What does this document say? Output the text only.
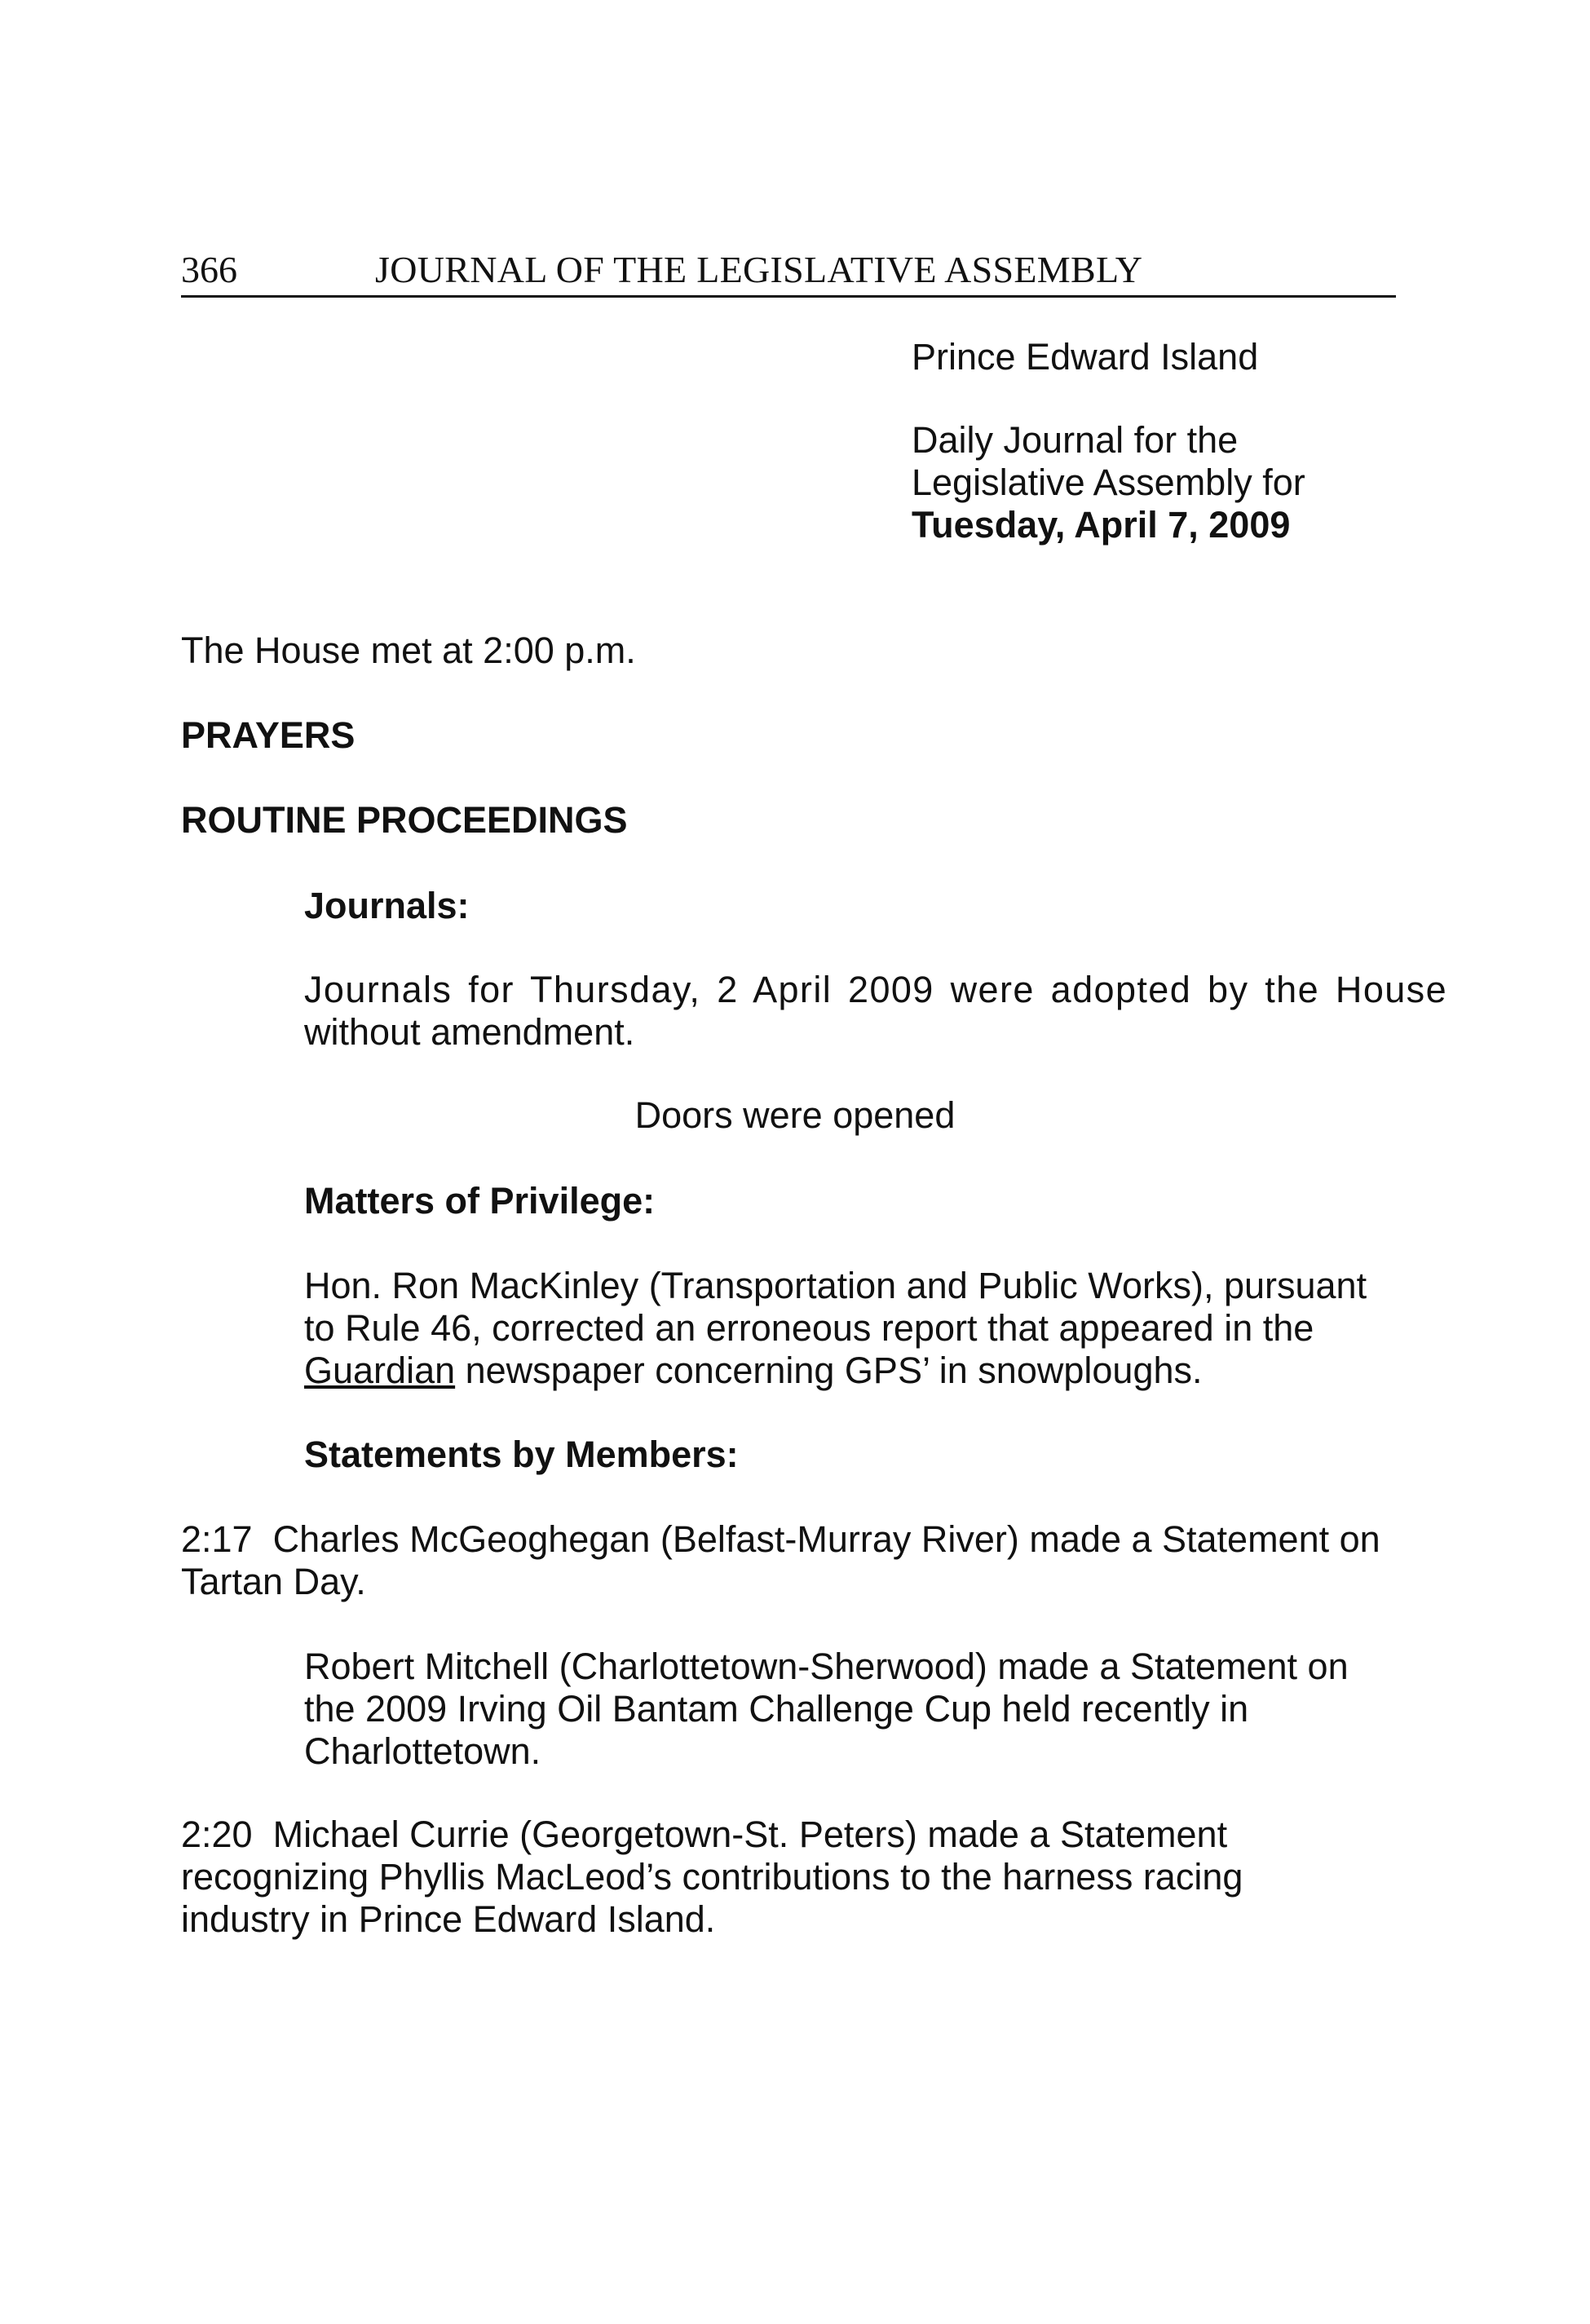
366	JOURNAL OF THE LEGISLATIVE ASSEMBLY
Prince Edward Island
Daily Journal for the
Legislative Assembly for
Tuesday, April 7, 2009
The House met at 2:00 p.m.
PRAYERS
ROUTINE PROCEEDINGS
Journals:
Journals for Thursday, 2 April 2009 were adopted by the House
without amendment.
Doors were opened
Matters of Privilege:
Hon. Ron MacKinley (Transportation and Public Works), pursuant
to Rule 46, corrected an erroneous report that appeared in the
Guardian newspaper concerning GPS’ in snowploughs.
Statements by Members:
2:17  Charles McGeoghegan (Belfast-Murray River) made a Statement on
Tartan Day.
Robert Mitchell (Charlottetown-Sherwood) made a Statement on
the 2009 Irving Oil Bantam Challenge Cup held recently in
Charlottetown.
2:20  Michael Currie (Georgetown-St. Peters) made a Statement
recognizing Phyllis MacLeod’s contributions to the harness racing
industry in Prince Edward Island.
